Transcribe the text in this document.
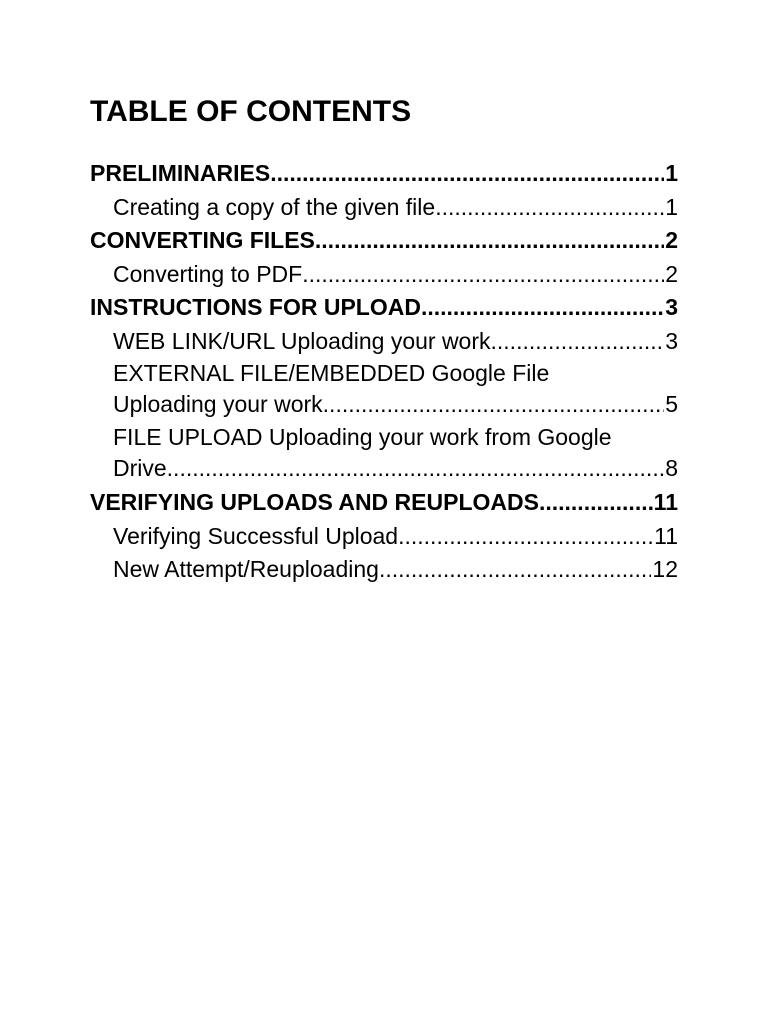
TABLE OF CONTENTS
PRELIMINARIES .....	1
Creating a copy of the given file .....	1
CONVERTING FILES .....	2
Converting to PDF .....	2
INSTRUCTIONS FOR UPLOAD .....	3
WEB LINK/URL Uploading your work .....	3
EXTERNAL FILE/EMBEDDED Google File
Uploading your work .....	5
FILE UPLOAD Uploading your work from Google
Drive .....	8
VERIFYING UPLOADS AND REUPLOADS .....	11
Verifying Successful Upload .....	11
New Attempt/Reuploading .....	12
